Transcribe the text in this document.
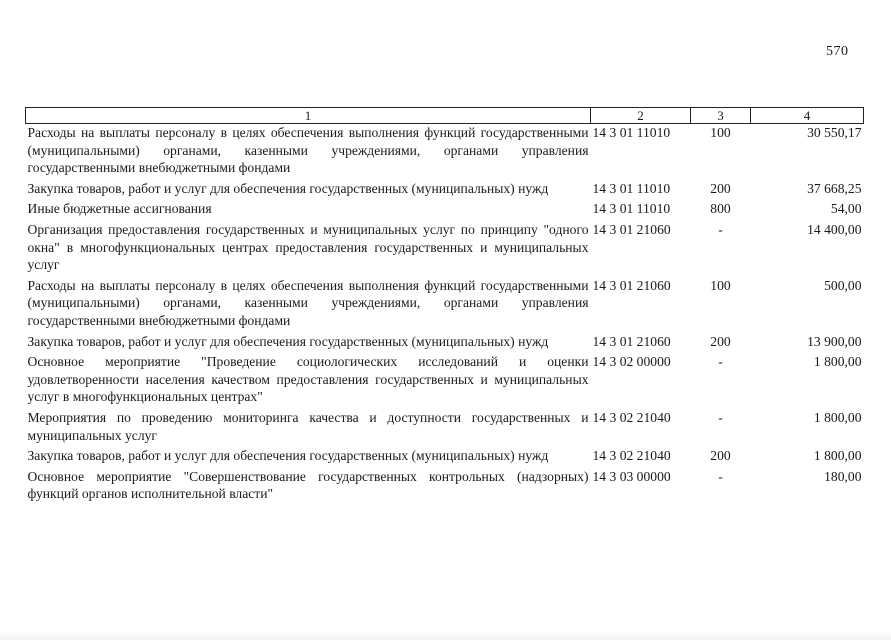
570
1	2	3	4
Расходы на выплаты персоналу в целях обеспечения выполнения функций государственными (муниципальными) органами, казенными учреждениями, органами управления государственными внебюджетными фондами	14 3 01 11010	100	30 550,17
Закупка товаров, работ и услуг для обеспечения государственных (муниципальных) нужд	14 3 01 11010	200	37 668,25
Иные бюджетные ассигнования	14 3 01 11010	800	54,00
Организация предоставления государственных и муниципальных услуг по принципу "одного окна" в многофункциональных центрах предоставления государственных и муниципальных услуг	14 3 01 21060	-	14 400,00
Расходы на выплаты персоналу в целях обеспечения выполнения функций государственными (муниципальными) органами, казенными учреждениями, органами управления государственными внебюджетными фондами	14 3 01 21060	100	500,00
Закупка товаров, работ и услуг для обеспечения государственных (муниципальных) нужд	14 3 01 21060	200	13 900,00
Основное мероприятие "Проведение социологических исследований и оценки удовлетворенности населения качеством предоставления государственных и муниципальных услуг в многофункциональных центрах"	14 3 02 00000	-	1 800,00
Мероприятия по проведению мониторинга качества и доступности государственных и муниципальных услуг	14 3 02 21040	-	1 800,00
Закупка товаров, работ и услуг для обеспечения государственных (муниципальных) нужд	14 3 02 21040	200	1 800,00
Основное мероприятие "Совершенствование государственных контрольных (надзорных) функций органов исполнительной власти"	14 3 03 00000	-	180,00
